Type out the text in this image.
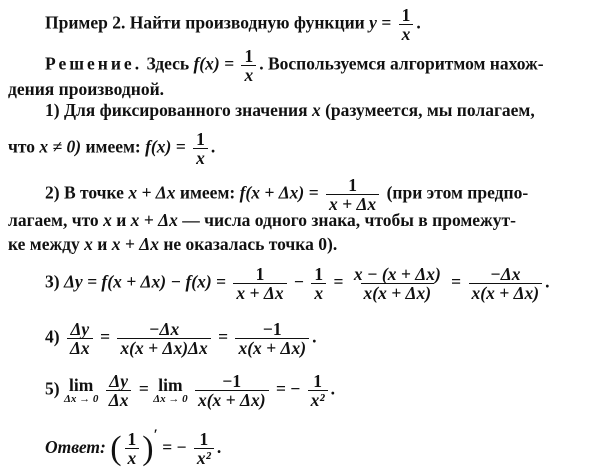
Пример 2. Найти производную функции $y = \frac{1}{x}$ .
Решение. Здесь $f(x) = \frac{1}{x}$ . Воспользуемся алгоритмом нахож-
дения производной.
1) Для фиксированного значения x (разумеется, мы полагаем,
что x ≠ 0) имеем: $f(x) = \frac{1}{x}$ .
2) В точке x + Δx имеем: $f(x + \Delta x) = \frac{1}{x + \Delta x} (при$ этом предпо-
лагаем, что x и x + Δx — числа одного знака, чтобы в промежут-
ке между x и x + Δx не оказалась точка 0).
3) $\Delta y = f(x + \Delta x) - f(x) = \frac{1}{x + \Delta x} - \frac{1}{x} = \frac{x - (x + \Delta x)}{x(x + \Delta x)} = \frac{-\Delta x}{x(x + \Delta x)}$ .
$4) \frac{\Delta y}{\Delta x} = \frac{-\Delta x}{x(x + \Delta x)\Delta x} = \frac{-1}{x(x + \Delta x)}$ .
5) lim
Δx → 0
$\frac{\Delta y}{\Delta x} = \lim$
Δx → 0
$\frac{-1}{x(x + \Delta x)}$ = − $\frac{1}{\text{x²}}$ .
Ответ: ( $\frac{1}{x} )'$ = − $\frac{1}{\text{x²}}$ .
